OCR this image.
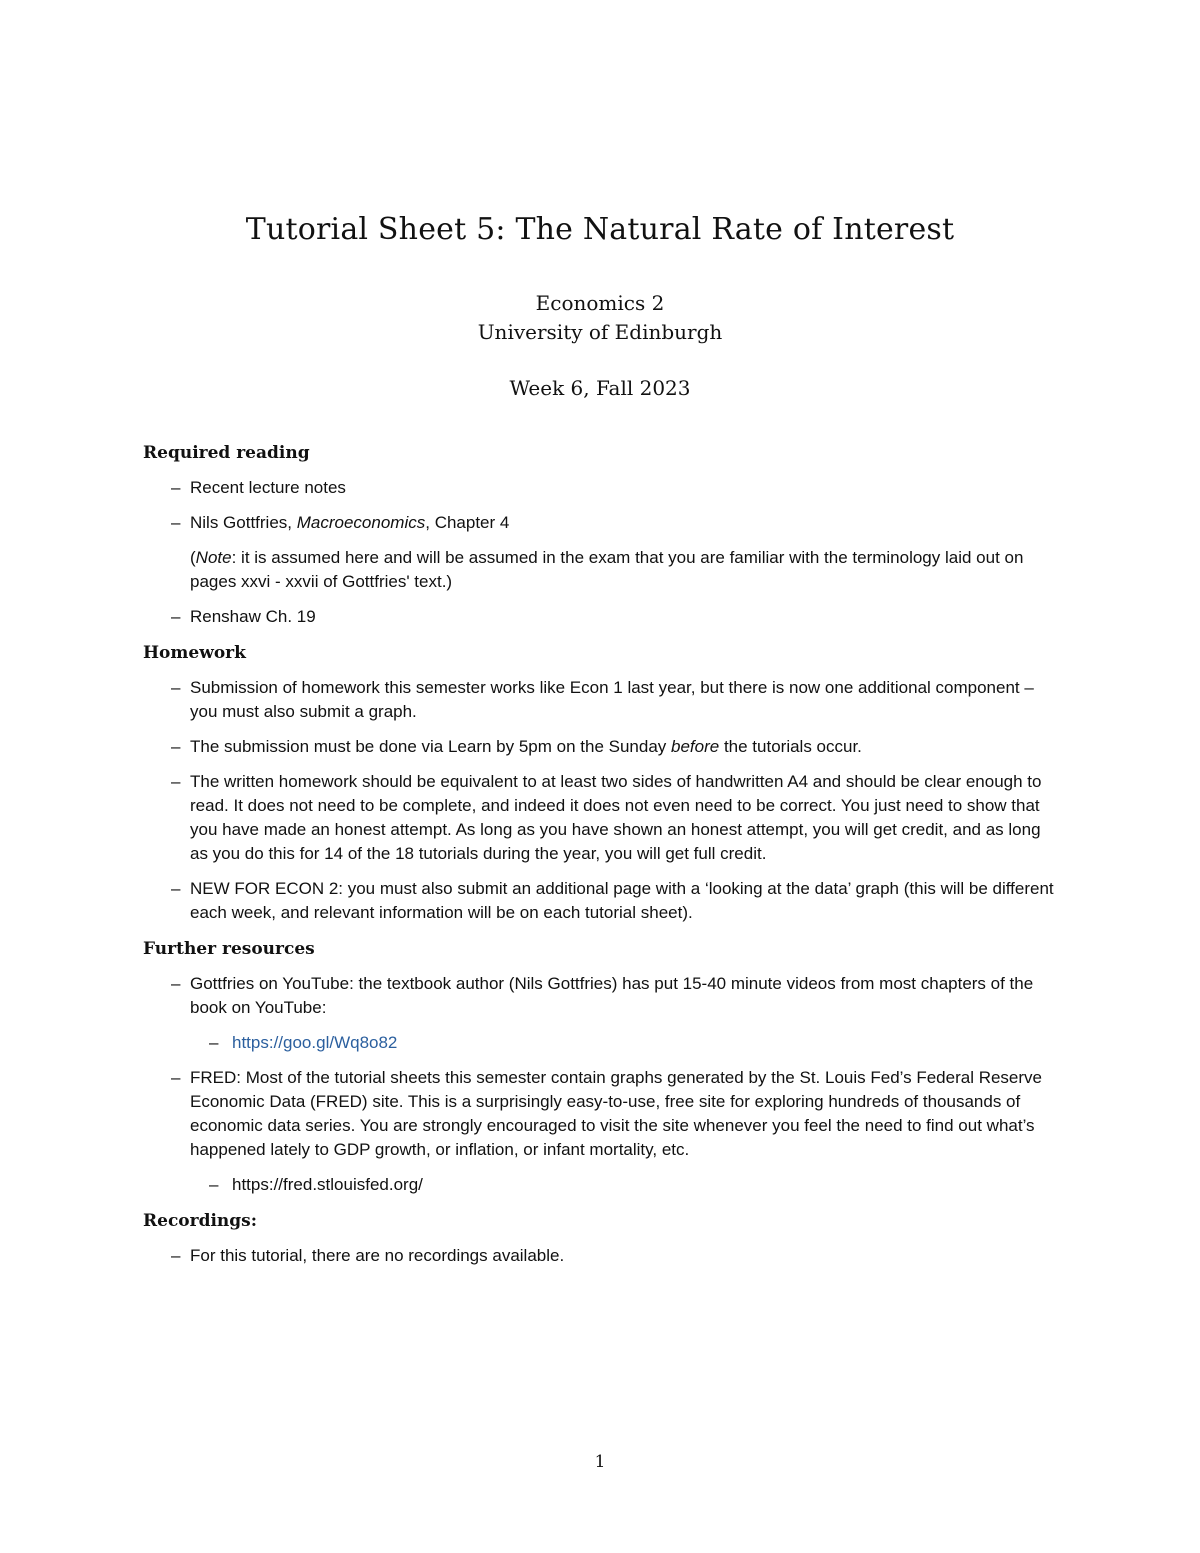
Tutorial Sheet 5: The Natural Rate of Interest
Economics 2
University of Edinburgh
Week 6, Fall 2023
Required reading
– Recent lecture notes
– Nils Gottfries, Macroeconomics, Chapter 4

(Note: it is assumed here and will be assumed in the exam that you are familiar with the terminology laid out on pages xxvi - xxvii of Gottfries' text.)

– Renshaw Ch. 19
Homework
– Submission of homework this semester works like Econ 1 last year, but there is now one additional component – you must also submit a graph.
– The submission must be done via Learn by 5pm on the Sunday before the tutorials occur.
– The written homework should be equivalent to at least two sides of handwritten A4 and should be clear enough to read. It does not need to be complete, and indeed it does not even need to be correct. You just need to show that you have made an honest attempt. As long as you have shown an honest attempt, you will get credit, and as long as you do this for 14 of the 18 tutorials during the year, you will get full credit.
– NEW FOR ECON 2: you must also submit an additional page with a ‘looking at the data’ graph (this will be different each week, and relevant information will be on each tutorial sheet).
Further resources
– Gottfries on YouTube: the textbook author (Nils Gottfries) has put 15-40 minute videos from most chapters of the book on YouTube:
– https://goo.gl/Wq8o82
– FRED: Most of the tutorial sheets this semester contain graphs generated by the St. Louis Fed’s Federal Reserve Economic Data (FRED) site. This is a surprisingly easy-to-use, free site for exploring hundreds of thousands of economic data series. You are strongly encouraged to visit the site whenever you feel the need to find out what’s happened lately to GDP growth, or inflation, or infant mortality, etc.
– https://fred.stlouisfed.org/
Recordings:
– For this tutorial, there are no recordings available.
1
